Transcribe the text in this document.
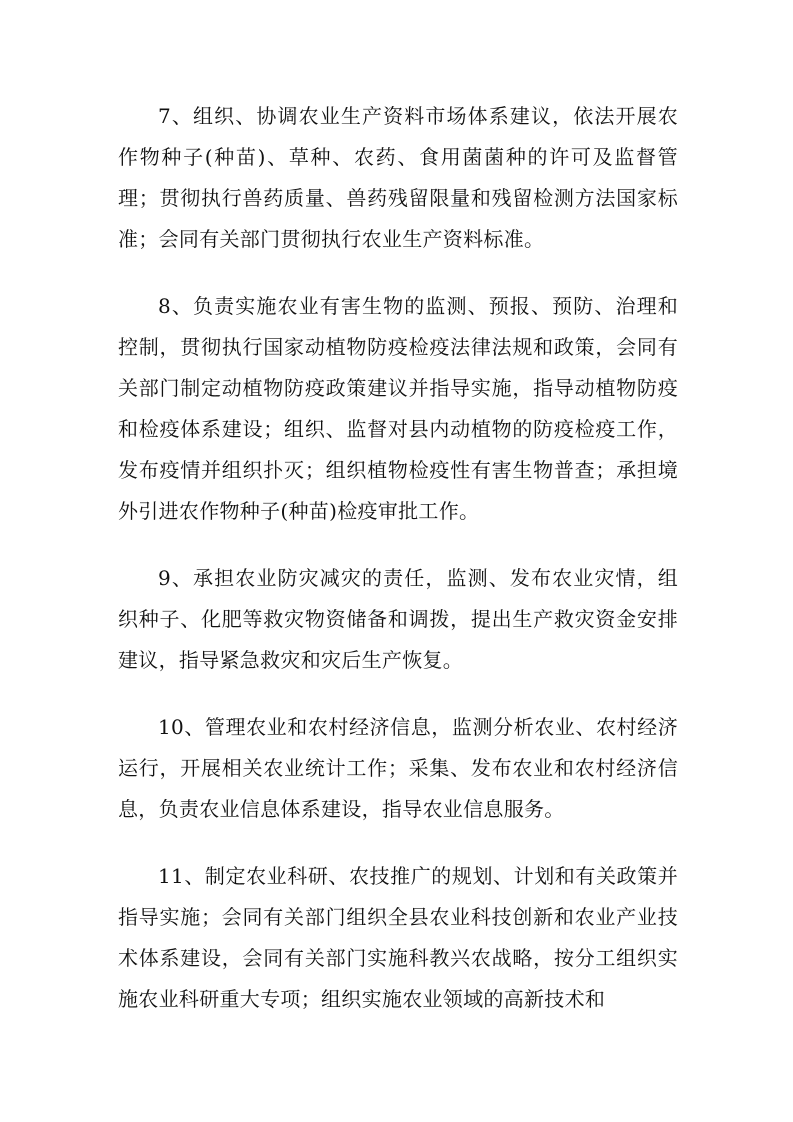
7、组织、协调农业生产资料市场体系建议，依法开展农作物种子(种苗)、草种、农药、食用菌菌种的许可及监督管理；贯彻执行兽药质量、兽药残留限量和残留检测方法国家标准；会同有关部门贯彻执行农业生产资料标准。

8、负责实施农业有害生物的监测、预报、预防、治理和控制，贯彻执行国家动植物防疫检疫法律法规和政策，会同有关部门制定动植物防疫政策建议并指导实施，指导动植物防疫和检疫体系建设；组织、监督对县内动植物的防疫检疫工作，发布疫情并组织扑灭；组织植物检疫性有害生物普查；承担境外引进农作物种子(种苗)检疫审批工作。

9、承担农业防灾减灾的责任，监测、发布农业灾情，组织种子、化肥等救灾物资储备和调拨，提出生产救灾资金安排建议，指导紧急救灾和灾后生产恢复。

10、管理农业和农村经济信息，监测分析农业、农村经济运行，开展相关农业统计工作；采集、发布农业和农村经济信息，负责农业信息体系建设，指导农业信息服务。

11、制定农业科研、农技推广的规划、计划和有关政策并指导实施；会同有关部门组织全县农业科技创新和农业产业技术体系建设，会同有关部门实施科教兴农战略，按分工组织实施农业科研重大专项；组织实施农业领域的高新技术和
